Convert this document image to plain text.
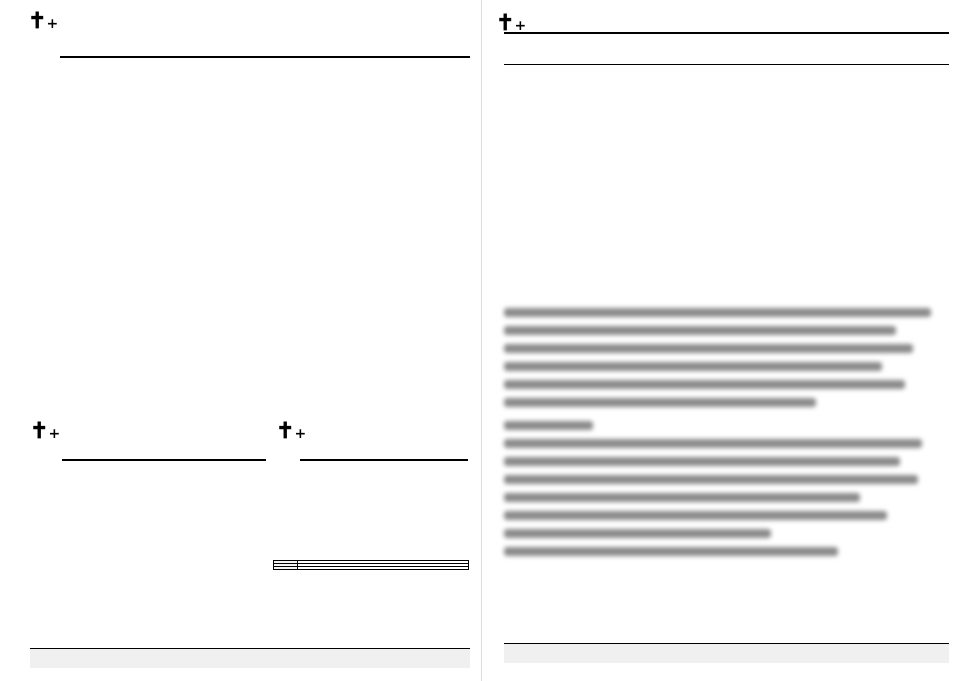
✝+
✝+	✝+
✝+
